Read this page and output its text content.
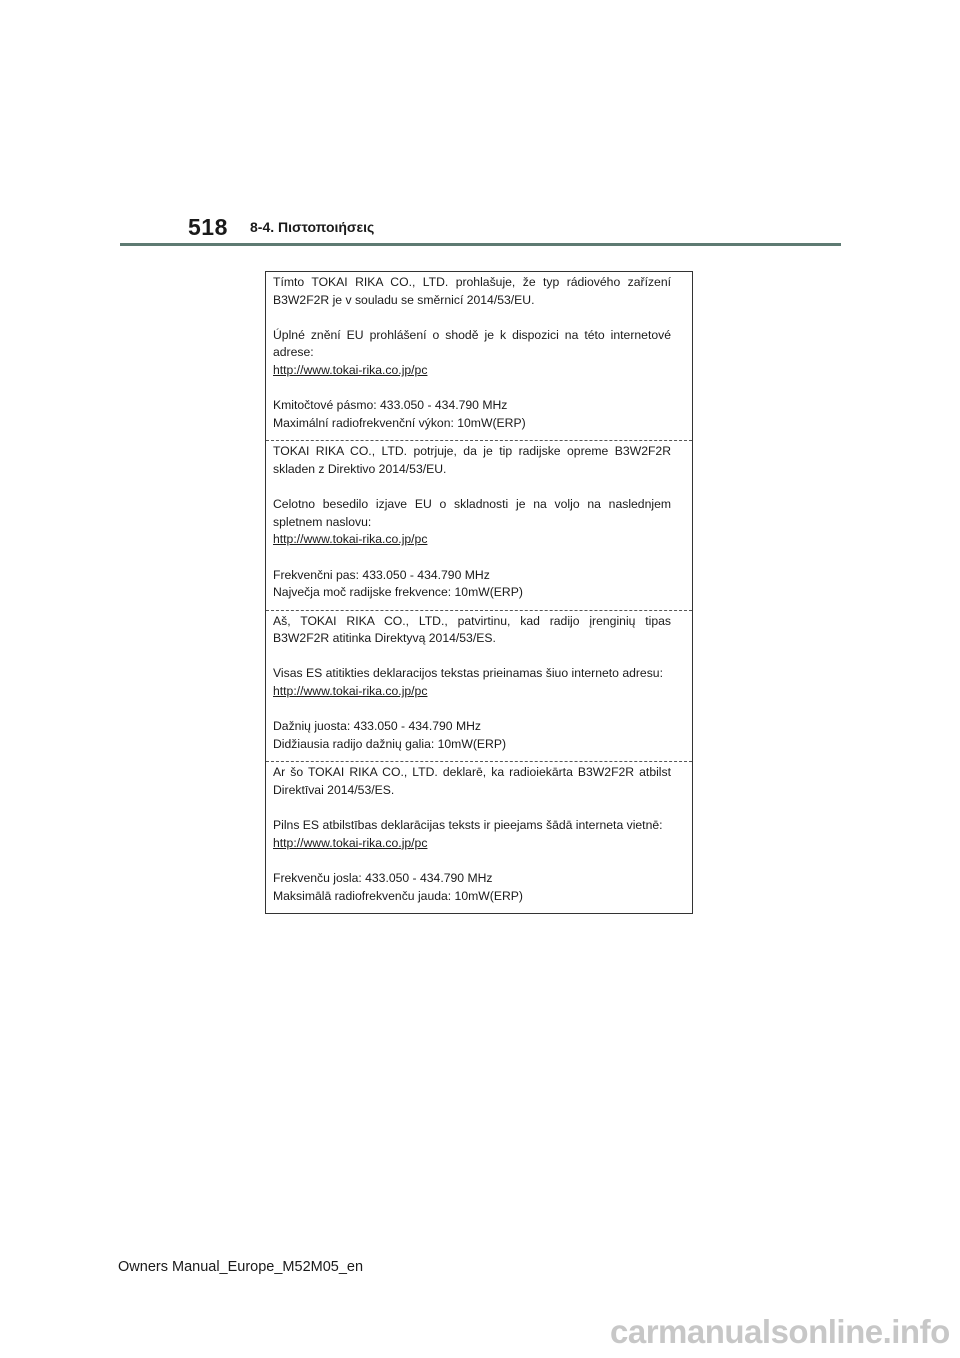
518 8-4. Πιστοποιήσεις

Tímto TOKAI RIKA CO., LTD. prohlašuje, že typ rádiového zařízení B3W2F2R je v souladu se směrnicí 2014/53/EU.

Úplné znění EU prohlášení o shodě je k dispozici na této internetové adrese:

http://www.tokai-rika.co.jp/pc

Kmitočtové pásmo: 433.050 - 434.790 MHz

Maximální radiofrekvenční výkon: 10mW(ERP)

TOKAI RIKA CO., LTD. potrjuje, da je tip radijske opreme B3W2F2R skladen z Direktivo 2014/53/EU.

Celotno besedilo izjave EU o skladnosti je na voljo na naslednjem spletnem naslovu:

http://www.tokai-rika.co.jp/pc

Frekvenčni pas: 433.050 - 434.790 MHz

Največja moč radijske frekvence: 10mW(ERP)

Aš, TOKAI RIKA CO., LTD., patvirtinu, kad radijo įrenginių tipas B3W2F2R atitinka Direktyvą 2014/53/ES.

Visas ES atitikties deklaracijos tekstas prieinamas šiuo interneto adresu:

http://www.tokai-rika.co.jp/pc

Dažnių juosta: 433.050 - 434.790 MHz

Didžiausia radijo dažnių galia: 10mW(ERP)

Ar šo TOKAI RIKA CO., LTD. deklarē, ka radioiekārta B3W2F2R atbilst Direktīvai 2014/53/ES.

Pilns ES atbilstības deklarācijas teksts ir pieejams šādā interneta vietnē:

http://www.tokai-rika.co.jp/pc

Frekvenču josla: 433.050 - 434.790 MHz

Maksimālā radiofrekvenču jauda: 10mW(ERP)

Owners Manual_Europe_M52M05_en
carmanualsonline.info
